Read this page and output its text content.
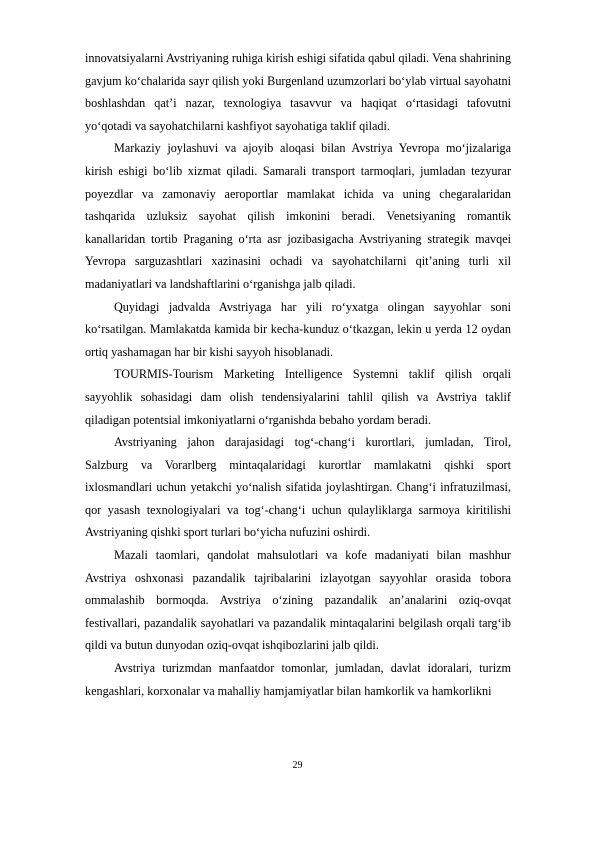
innovatsiyalarni Avstriyaning ruhiga kirish eshigi sifatida qabul qiladi. Vena shahrining gavjum ko‘chalarida sayr qilish yoki Burgenland uzumzorlari bo‘ylab virtual sayohatni boshlashdan qat’i nazar, texnologiya tasavvur va haqiqat o‘rtasidagi tafovutni yo‘qotadi va sayohatchilarni kashfiyot sayohatiga taklif qiladi.

Markaziy joylashuvi va ajoyib aloqasi bilan Avstriya Yevropa mo‘jizalariga kirish eshigi bo‘lib xizmat qiladi. Samarali transport tarmoqlari, jumladan tezyurar poyezdlar va zamonaviy aeroportlar mamlakat ichida va uning chegaralaridan tashqarida uzluksiz sayohat qilish imkonini beradi. Venetsiyaning romantik kanallaridan tortib Praganing o‘rta asr jozibasigacha Avstriyaning strategik mavqei Yevropa sarguzashtlari xazinasini ochadi va sayohatchilarni qit’aning turli xil madaniyatlari va landshaftlarini o‘rganishga jalb qiladi.

Quyidagi jadvalda Avstriyaga har yili ro‘yxatga olingan sayyohlar soni ko‘rsatilgan. Mamlakatda kamida bir kecha-kunduz o‘tkazgan, lekin u yerda 12 oydan ortiq yashamagan har bir kishi sayyoh hisoblanadi.

TOURMIS-Tourism Marketing Intelligence Systemni taklif qilish orqali sayyohlik sohasidagi dam olish tendensiyalarini tahlil qilish va Avstriya taklif qiladigan potentsial imkoniyatlarni o‘rganishda bebaho yordam beradi.

Avstriyaning jahon darajasidagi tog‘-chang‘i kurortlari, jumladan, Tirol, Salzburg va Vorarlberg mintaqalaridagi kurortlar mamlakatni qishki sport ixlosmandlari uchun yetakchi yo‘nalish sifatida joylashtirgan. Chang‘i infratuzilmasi, qor yasash texnologiyalari va tog‘-chang‘i uchun qulayliklarga sarmoya kiritilishi Avstriyaning qishki sport turlari bo‘yicha nufuzini oshirdi.

Mazali taomlari, qandolat mahsulotlari va kofe madaniyati bilan mashhur Avstriya oshxonasi pazandalik tajribalarini izlayotgan sayyohlar orasida tobora ommalashib bormoqda. Avstriya o‘zining pazandalik an’analarini oziq-ovqat festivallari, pazandalik sayohatlari va pazandalik mintaqalarini belgilash orqali targ‘ib qildi va butun dunyodan oziq-ovqat ishqibozlarini jalb qildi.

Avstriya turizmdan manfaatdor tomonlar, jumladan, davlat idoralari, turizm kengashlari, korxonalar va mahalliy hamjamiyatlar bilan hamkorlik va hamkorlikni

29
